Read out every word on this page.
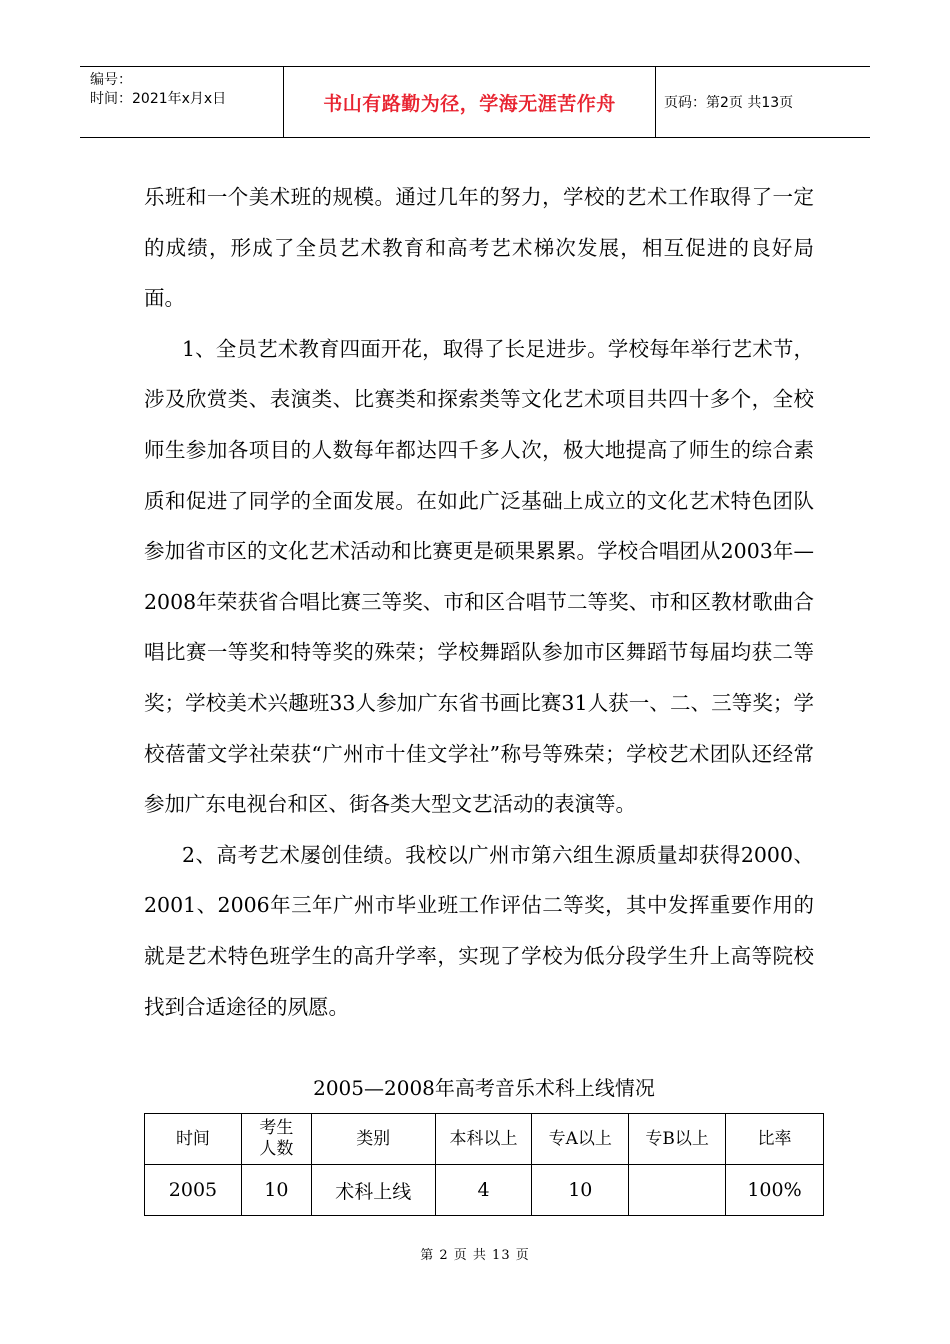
编号：
时间：2021年x月x日	书山有路勤为径，学海无涯苦作舟	页码：第2页 共13页

乐班和一个美术班的规模。通过几年的努力，学校的艺术工作取得了一定的成绩，形成了全员艺术教育和高考艺术梯次发展，相互促进的良好局面。

1、全员艺术教育四面开花，取得了长足进步。学校每年举行艺术节，涉及欣赏类、表演类、比赛类和探索类等文化艺术项目共四十多个，全校师生参加各项目的人数每年都达四千多人次，极大地提高了师生的综合素质和促进了同学的全面发展。在如此广泛基础上成立的文化艺术特色团队参加省市区的文化艺术活动和比赛更是硕果累累。学校合唱团从2003年—2008年荣获省合唱比赛三等奖、市和区合唱节二等奖、市和区教材歌曲合唱比赛一等奖和特等奖的殊荣；学校舞蹈队参加市区舞蹈节每届均获二等奖；学校美术兴趣班33人参加广东省书画比赛31人获一、二、三等奖；学校蓓蕾文学社荣获“广州市十佳文学社”称号等殊荣；学校艺术团队还经常参加广东电视台和区、街各类大型文艺活动的表演等。

2、高考艺术屡创佳绩。我校以广州市第六组生源质量却获得2000、2001、2006年三年广州市毕业班工作评估二等奖，其中发挥重要作用的就是艺术特色班学生的高升学率，实现了学校为低分段学生升上高等院校找到合适途径的夙愿。

2005—2008年高考音乐术科上线情况
时间	考生人数	类别	本科以上	专A以上	专B以上	比率
2005	10	术科上线	4	10		100%
第 2 页 共 13 页
